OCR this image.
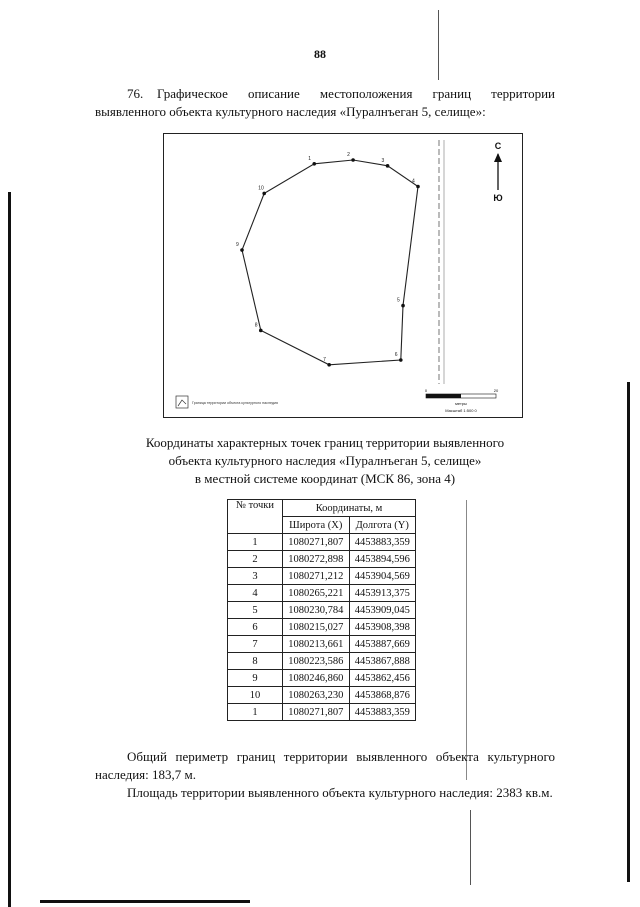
88
76. Графическое описание местоположения границ территории выявленного объекта культурного наследия «Пуралнъеган 5, селище»:
1
2
3
4
5
6
7
8
9
10
С
Ю
Граница территории объекта культурного наследия
0	20
метры
Масштаб 1:500 0
Координаты характерных точек границ территории выявленного
объекта культурного наследия «Пуралнъеган 5, селище»
в местной системе координат (МСК 86, зона 4)
№ точки	Координаты, м	
	Широта (X)	Долгота (Y)
1	1080271,807	4453883,359
2	1080272,898	4453894,596
3	1080271,212	4453904,569
4	1080265,221	4453913,375
5	1080230,784	4453909,045
6	1080215,027	4453908,398
7	1080213,661	4453887,669
8	1080223,586	4453867,888
9	1080246,860	4453862,456
10	1080263,230	4453868,876
1	1080271,807	4453883,359
Общий периметр границ территории выявленного объекта культурного наследия: 183,7 м.
Площадь территории выявленного объекта культурного наследия: 2383 кв.м.
